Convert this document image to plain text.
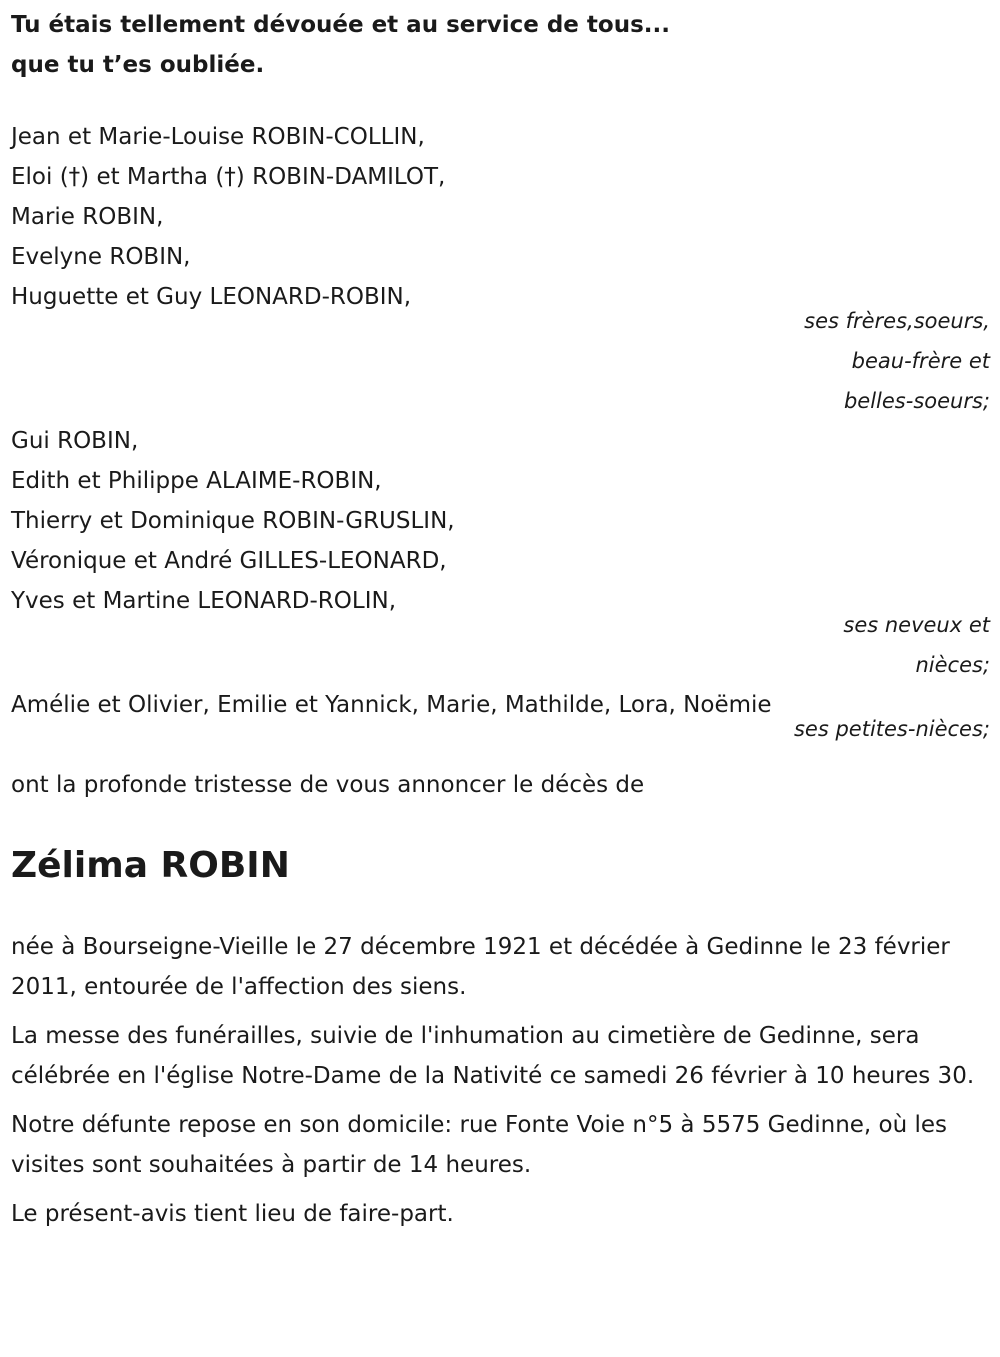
Tu étais tellement dévouée et au service de tous...
que tu t’es oubliée.
Jean et Marie-Louise ROBIN-COLLIN,
Eloi (†) et Martha (†) ROBIN-DAMILOT,
Marie ROBIN,
Evelyne ROBIN,
Huguette et Guy LEONARD-ROBIN,
ses frères,soeurs,
beau-frère et
belles-soeurs;
Gui ROBIN,
Edith et Philippe ALAIME-ROBIN,
Thierry et Dominique ROBIN-GRUSLIN,
Véronique et André GILLES-LEONARD,
Yves et Martine LEONARD-ROLIN,
ses neveux et
nièces;
Amélie et Olivier, Emilie et Yannick, Marie, Mathilde, Lora, Noëmie
ses petites-nièces;
ont la profonde tristesse de vous annoncer le décès de
Zélima ROBIN

née à Bourseigne-Vieille le 27 décembre 1921 et décédée à Gedinne le 23 février 2011, entourée de l'affection des siens.

La messe des funérailles, suivie de l'inhumation au cimetière de Gedinne, sera célébrée en l'église Notre-Dame de la Nativité ce samedi 26 février à 10 heures 30.

Notre défunte repose en son domicile: rue Fonte Voie n°5 à 5575 Gedinne, où les visites sont souhaitées à partir de 14 heures.

Le présent-avis tient lieu de faire-part.
